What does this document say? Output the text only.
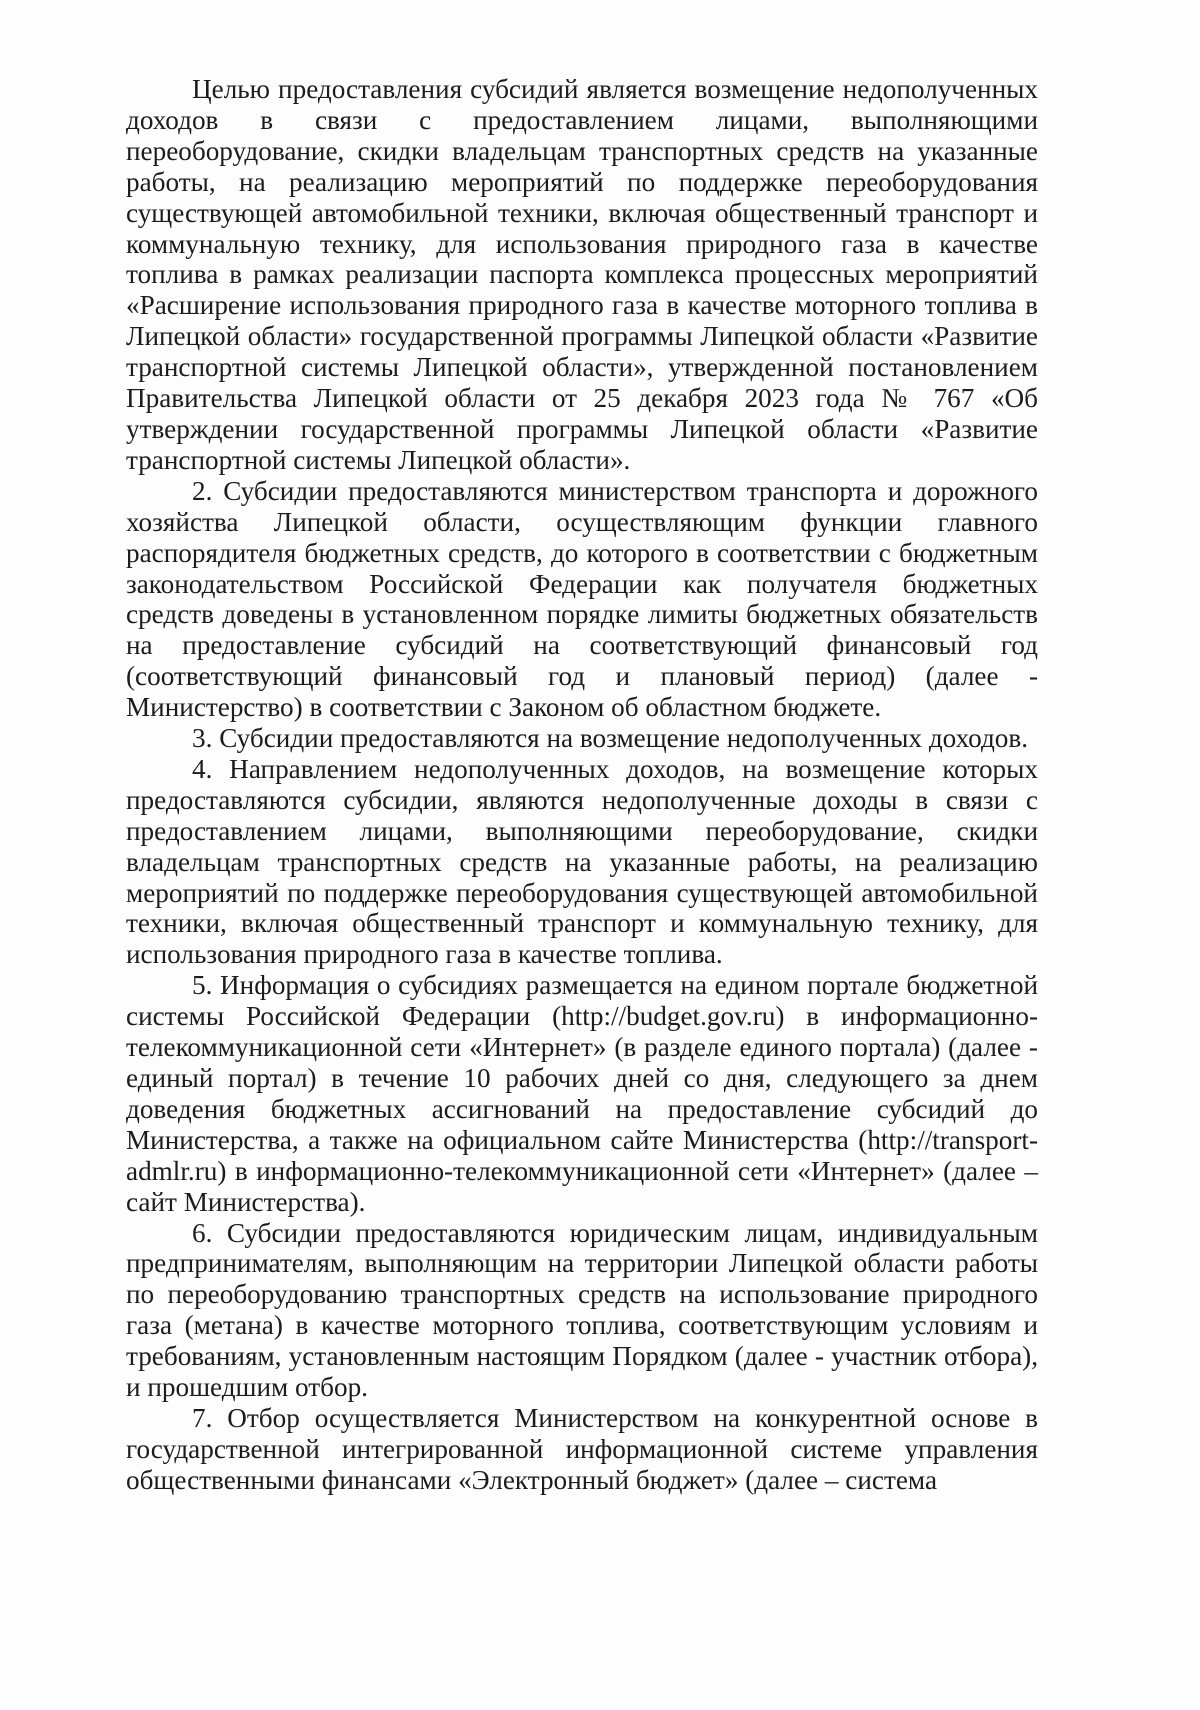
Целью предоставления субсидий является возмещение недополученных доходов в связи с предоставлением лицами, выполняющими переоборудование, скидки владельцам транспортных средств на указанные работы, на реализацию мероприятий по поддержке переоборудования существующей автомобильной техники, включая общественный транспорт и коммунальную технику, для использования природного газа в качестве топлива в рамках реализации паспорта комплекса процессных мероприятий «Расширение использования природного газа в качестве моторного топлива в Липецкой области» государственной программы Липецкой области «Развитие транспортной системы Липецкой области», утвержденной постановлением Правительства Липецкой области от 25 декабря 2023 года № 767 «Об утверждении государственной программы Липецкой области «Развитие транспортной системы Липецкой области».

2. Субсидии предоставляются министерством транспорта и дорожного хозяйства Липецкой области, осуществляющим функции главного распорядителя бюджетных средств, до которого в соответствии с бюджетным законодательством Российской Федерации как получателя бюджетных средств доведены в установленном порядке лимиты бюджетных обязательств на предоставление субсидий на соответствующий финансовый год (соответствующий финансовый год и плановый период) (далее - Министерство) в соответствии с Законом об областном бюджете.

3. Субсидии предоставляются на возмещение недополученных доходов.

4. Направлением недополученных доходов, на возмещение которых предоставляются субсидии, являются недополученные доходы в связи с предоставлением лицами, выполняющими переоборудование, скидки владельцам транспортных средств на указанные работы, на реализацию мероприятий по поддержке переоборудования существующей автомобильной техники, включая общественный транспорт и коммунальную технику, для использования природного газа в качестве топлива.

5. Информация о субсидиях размещается на едином портале бюджетной системы Российской Федерации (http://budget.gov.ru) в информационно-телекоммуникационной сети «Интернет» (в разделе единого портала) (далее - единый портал) в течение 10 рабочих дней со дня, следующего за днем доведения бюджетных ассигнований на предоставление субсидий до Министерства, а также на официальном сайте Министерства (http://transport-admlr.ru) в информационно-телекоммуникационной сети «Интернет» (далее – сайт Министерства).

6. Субсидии предоставляются юридическим лицам, индивидуальным предпринимателям, выполняющим на территории Липецкой области работы по переоборудованию транспортных средств на использование природного газа (метана) в качестве моторного топлива, соответствующим условиям и требованиям, установленным настоящим Порядком (далее - участник отбора), и прошедшим отбор.

7. Отбор осуществляется Министерством на конкурентной основе в государственной интегрированной информационной системе управления общественными финансами «Электронный бюджет» (далее – система
